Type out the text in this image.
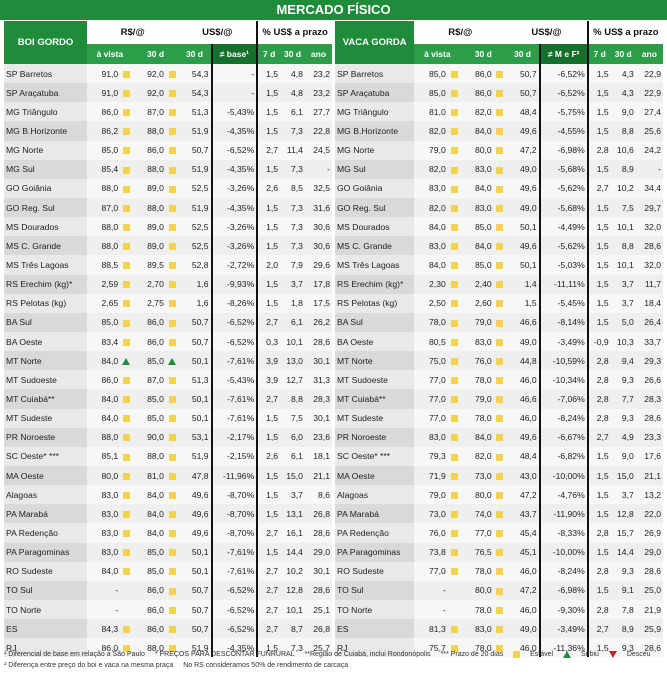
MERCADO FÍSICO
BOI GORDO	R$/@				US$/@		% US$ a prazo		
	à vista		30 d		30 d	≠ base¹	7 d	30 d	ano
SP Barretos	91,0		92,0		54,3	-	1,5	4,8	23,2
SP Araçatuba	91,0		92,0		54,3	-	1,5	4,8	23,2
MG Triângulo	86,0		87,0		51,3	-5,43%	1,5	6,1	27,7
MG B.Horizonte	86,2		88,0		51,9	-4,35%	1,5	7,3	22,8
MG Norte	85,0		86,0		50,7	-6,52%	2,7	11,4	24,5
MG Sul	85,4		88,0		51,9	-4,35%	1,5	7,3	-
GO Goiânia	88,0		89,0		52,5	-3,26%	2,6	8,5	32,5
GO Reg. Sul	87,0		88,0		51,9	-4,35%	1,5	7,3	31,6
MS Dourados	88,0		89,0		52,5	-3,26%	1,5	7,3	30,6
MS C. Grande	88,0		89,0		52,5	-3,26%	1,5	7,3	30,6
MS Três Lagoas	88,5		89,5		52,8	-2,72%	2,0	7,9	29,6
RS Erechim (kg)*	2,59		2,70		1,6	-9,93%	1,5	3,7	17,8
RS Pelotas (kg)	2,65		2,75		1,6	-8,26%	1,5	1,8	17,5
BA Sul	85,0		86,0		50,7	-6,52%	2,7	6,1	26,2
BA Oeste	83,4		86,0		50,7	-6,52%	0,3	10,1	28,6
MT Norte	84,0		85,0		50,1	-7,61%	3,9	13,0	30,1
MT Sudoeste	86,0		87,0		51,3	-5,43%	3,9	12,7	31,3
MT Cuiabá**	84,0		85,0		50,1	-7,61%	2,7	8,8	28,3
MT Sudeste	84,0		85,0		50,1	-7,61%	1,5	7,5	30,1
PR Noroeste	88,0		90,0		53,1	-2,17%	1,5	6,0	23,6
SC Oeste* ***	85,1		88,0		51,9	-2,15%	2,6	6,1	18,1
MA Oeste	80,0		81,0		47,8	-11,96%	1,5	15,0	21,1
Alagoas	83,0		84,0		49,6	-8,70%	1,5	3,7	8,6
PA Marabá	83,0		84,0		49,6	-8,70%	1,5	13,1	26,8
PA Redenção	83,0		84,0		49,6	-8,70%	2,7	16,1	28,6
PA Paragominas	83,0		85,0		50,1	-7,61%	1,5	14,4	29,0
RO Sudeste	84,0		85,0		50,1	-7,61%	2,7	10,2	30,1
TO Sul	-		86,0		50,7	-6,52%	2,7	12,8	28,6
TO Norte	-		86,0		50,7	-6,52%	2,7	10,1	25,1
ES	84,3		86,0		50,7	-6,52%	2,7	8,7	26,8
RJ	86,0		88,0		51,9	-4,35%	1,5	7,3	25,7
VACA GORDA	R$/@				US$/@		% US$ a prazo		
	à vista		30 d		30 d	≠ M e F²	7 d	30 d	ano
SP Barretos	85,0		86,0		50,7	-6,52%	1,5	4,3	22,9
SP Araçatuba	85,0		86,0		50,7	-6,52%	1,5	4,3	22,9
MG Triângulo	81,0		82,0		48,4	-5,75%	1,5	9,0	27,4
MG B.Horizonte	82,0		84,0		49,6	-4,55%	1,5	8,8	25,6
MG Norte	79,0		80,0		47,2	-6,98%	2,8	10,6	24,2
MG Sul	82,0		83,0		49,0	-5,68%	1,5	8,9	-
GO Goiânia	83,0		84,0		49,6	-5,62%	2,7	10,2	34,4
GO Reg. Sul	82,0		83,0		49,0	-5,68%	1,5	7,5	29,7
MS Dourados	84,0		85,0		50,1	-4,49%	1,5	10,1	32,0
MS C. Grande	83,0		84,0		49,6	-5,62%	1,5	8,8	28,6
MS Três Lagoas	84,0		85,0		50,1	-5,03%	1,5	10,1	32,0
RS Erechim (kg)*	2,30		2,40		1,4	-11,11%	1,5	3,7	11,7
RS Pelotas (kg)	2,50		2,60		1,5	-5,45%	1,5	3,7	18,4
BA Sul	78,0		79,0		46,6	-8,14%	1,5	5,0	26,4
BA Oeste	80,5		83,0		49,0	-3,49%	-0,9	10,3	33,7
MT Norte	75,0		76,0		44,8	-10,59%	2,8	9,4	29,3
MT Sudoeste	77,0		78,0		46,0	-10,34%	2,8	9,3	26,6
MT Cuiabá**	77,0		79,0		46,6	-7,06%	2,8	7,7	28,3
MT Sudeste	77,0		78,0		46,0	-8,24%	2,8	9,3	28,6
PR Noroeste	83,0		84,0		49,6	-6,67%	2,7	4,9	23,3
SC Oeste* ***	79,3		82,0		48,4	-6,82%	1,5	9,0	17,6
MA Oeste	71,9		73,0		43,0	-10,00%	1,5	15,0	21,1
Alagoas	79,0		80,0		47,2	-4,76%	1,5	3,7	13,2
PA Marabá	73,0		74,0		43,7	-11,90%	1,5	12,8	22,0
PA Redenção	76,0		77,0		45,4	-8,33%	2,8	15,7	26,9
PA Paragominas	73,8		76,5		45,1	-10,00%	1,5	14,4	29,0
RO Sudeste	77,0		78,0		46,0	-8,24%	2,8	9,3	28,6
TO Sul	-		80,0		47,2	-6,98%	1,5	9,1	25,0
TO Norte	-		78,0		46,0	-9,30%	2,8	7,8	21,9
ES	81,3		83,0		49,0	-3,49%	2,7	8,9	25,9
RJ	75,7		78,0		46,0	-11,36%	1,5	9,3	28,6
¹ Diferencial de base em relação a São Paulo * PREÇOS PARA DESCONTAR FUNRURAL **Região de Cuiabá, inclui Rondonópolis *** Prazo de 20 dias	Estável	Subiu	Desceu
² Diferença entre preço do boi e vaca na mesma praça No RS consideramos 50% de rendimento de carcaça
